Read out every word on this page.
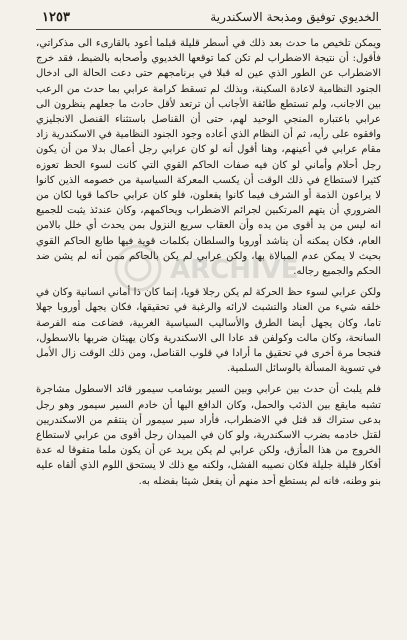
الخديوي توفيق ومذبحة الاسكندرية
١٢٥٣

ويمكن تلخيص ما حدث بعد ذلك في أسطر قليلة قبلما أعود بالقارىء الى مذكراتي، فأقول: أن نتيجة الاضطراب لم تكن كما توقعها الخديوي وأصحابه بالضبط، فقد خرج الاضطراب عن الطور الذي عين له قبلا في برنامجهم حتى دعت الحالة الى ادخال الجنود النظامية لاعادة السكينة، وبذلك لم تسقط كرامة عرابي بما حدث من الرعب بين الاجانب، ولم تستطع طائفة الأجانب أن ترتعد لأقل حادث ما جعلهم ينظرون الى عرابي باعتباره المنجي الوحيد لهم، حتى أن القناصل باستثناء القنصل الانجليزي وافقوه على رأيه، ثم أن النظام الذي أعاده وجود الجنود النظامية في الاسكندرية زاد مقام عرابي في أعينهم، وهنا أقول أنه لو كان عرابي رجل أعمال بدلا من أن يكون رجل أحلام وأماني لو كان فيه صفات الحاكم القوي التي كانت لسوء الحظ تعوزه كثيرا لاستطاع في ذلك الوقت أن يكسب المعركة السياسية من خصومه الذين كانوا لا يراعون الذمة أو الشرف فيما كانوا يفعلون، فلو كان عرابي حاكما قويا لكان من الضروري أن يتهم المرتكبين لجرائم الاضطراب ويحاكمهم، وكان عندئذ يثبت للجميع انه ليس من يد أقوى من يده وأن العقاب سريع النزول بمن يحدث أي خلل بالامن العام، فكان يمكنه أن يناشد أوروبا والسلطان بكلمات قوية فيها طابع الحاكم القوي بحيث لا يمكن عدم المبالاة بها، ولكن عرابي لم يكن بالحاكم ممن أنه لم يشن ضد الحكم والجميع رجاله.

ولكن عرابي لسوء حظ الحركة لم يكن رجلا قويا، إنما كان ذا أماني انسانية وكان في خلقه شيء من العناد والتشبث لارائه والرغبة في تحقيقها، فكان يجهل أوروبا جهلا تاما، وكان يجهل أيضا الطرق والأساليب السياسية الغربية، فضاعت منه الفرصة السانحة، وكان مالت وكولفن قد عادا الى الاسكندرية وكان يهيئان ضربها بالاسطول، فنجحا مرة أخرى في تحقيق ما أرادا في قلوب القناصل، ومن ذلك الوقت زال الأمل في تسوية المسألة بالوسائل السلمية.

فلم يلبث أن حدث بين عرابي وبين السير بوشامب سيمور قائد الاسطول مشاجرة تشبه مايقع بين الذئب والحمل، وكان الدافع اليها أن خادم السير سيمور وهو رجل بدعى ستراك قد قتل في الاضطراب، فأراد سير سيمور أن ينتقم من الاسكندريين لقتل خادمه بضرب الاسكندرية، ولو كان في الميدان رجل أقوى من عرابي لاستطاع الخروج من هذا المأزق، ولكن عرابي لم يكن يريد عن أن يكون ملما متفوقا له عدة أفكار قليلة جليلة فكان نصيبه الفشل، ولكنه مع ذلك لا يستحق اللوم الذي ألقاه عليه بنو وطنه، فانه لم يستطع أحد منهم أن يفعل شيئا بفضله به.

ARCHIVE
